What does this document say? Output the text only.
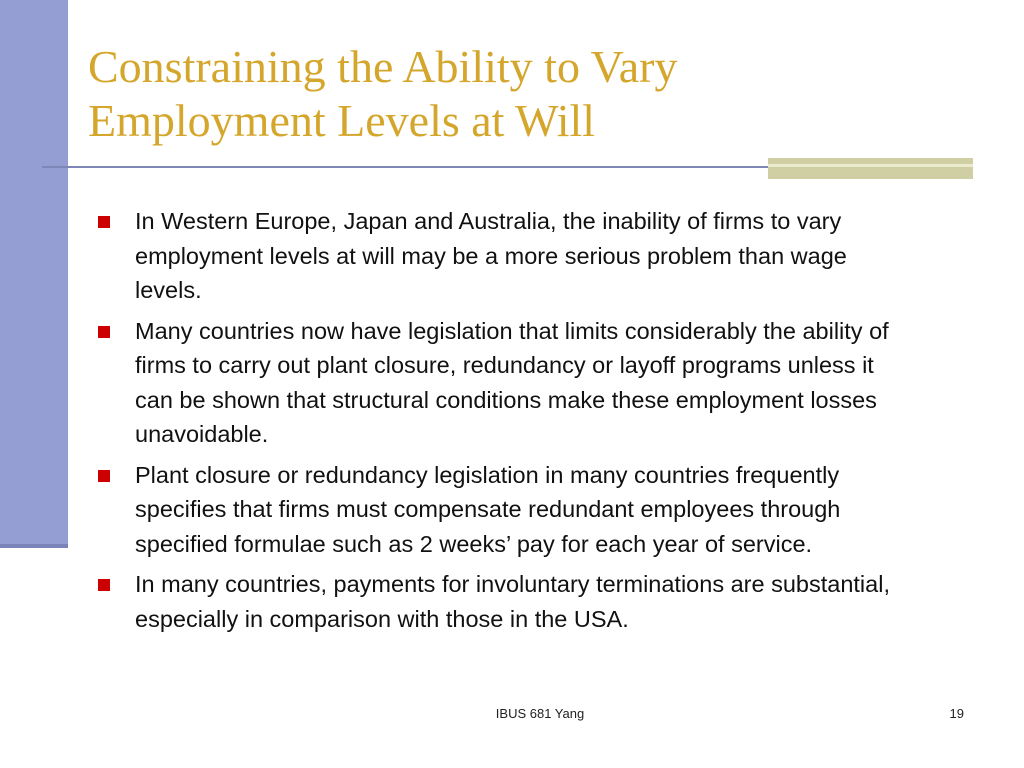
Constraining the Ability to Vary
Employment Levels at Will
In Western Europe, Japan and Australia, the inability of firms to vary employment levels at will may be a more serious problem than wage levels.
Many countries now have legislation that limits considerably the ability of firms to carry out plant closure, redundancy or layoff programs unless it can be shown that structural conditions make these employment losses unavoidable.
Plant closure or redundancy legislation in many countries frequently specifies that firms must compensate redundant employees through specified formulae such as 2 weeks’ pay for each year of service.
In many countries, payments for involuntary terminations are substantial, especially in comparison with those in the USA.
IBUS 681 Yang	19
